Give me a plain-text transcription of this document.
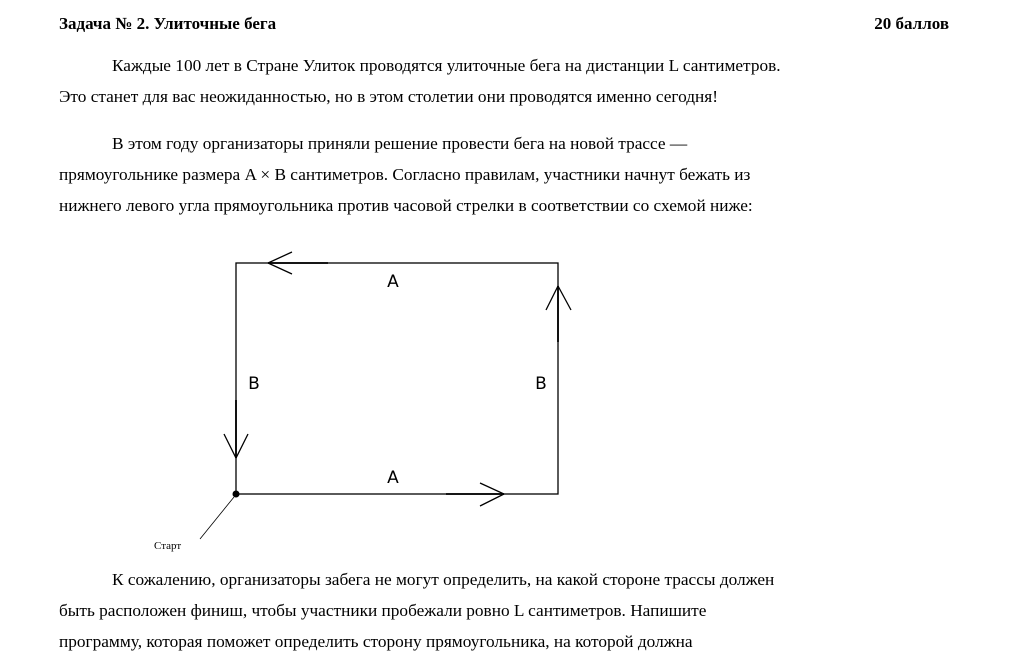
Задача № 2. Улиточные бега	20 баллов

Каждые 100 лет в Стране Улиток проводятся улиточные бега на дистанции L сантиметров.
Это станет для вас неожиданностью, но в этом столетии они проводятся именно сегодня!

В этом году организаторы приняли решение провести бега на новой трассе —
прямоугольнике размера A × B сантиметров. Согласно правилам, участники начнут бежать из
нижнего левого угла прямоугольника против часовой стрелки в соответствии со схемой ниже:

A
A
B	B
Старт

К сожалению, организаторы забега не могут определить, на какой стороне трассы должен
быть расположен финиш, чтобы участники пробежали ровно L сантиметров. Напишите
программу, которая поможет определить сторону прямоугольника, на которой должна
